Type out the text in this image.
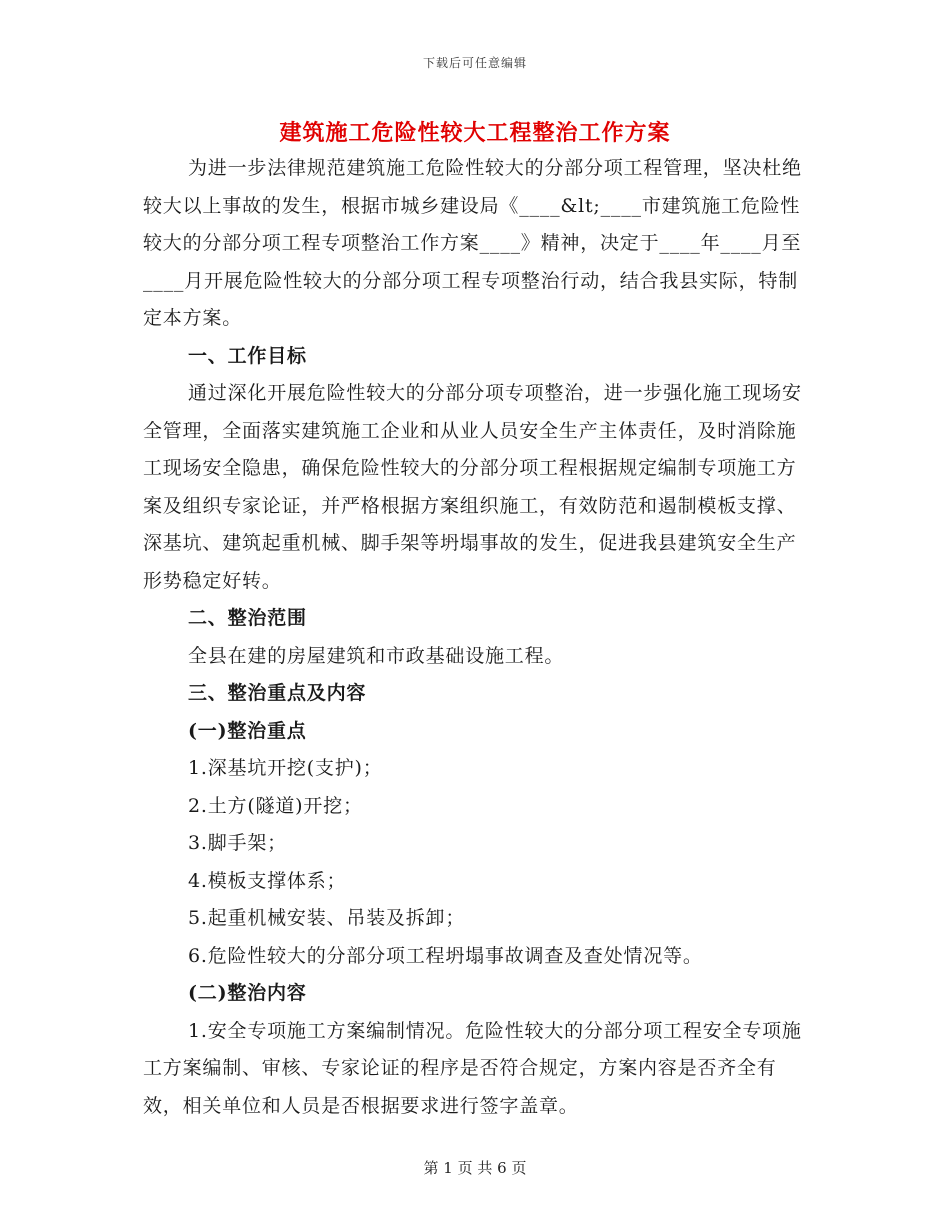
下载后可任意编辑
建筑施工危险性较大工程整治工作方案

为进一步法律规范建筑施工危险性较大的分部分项工程管理，坚决杜绝较大以上事故的发生，根据市城乡建设局《____&lt;____市建筑施工危险性较大的分部分项工程专项整治工作方案____》精神，决定于____年____月至____月开展危险性较大的分部分项工程专项整治行动，结合我县实际，特制定本方案。

一、工作目标

通过深化开展危险性较大的分部分项专项整治，进一步强化施工现场安全管理，全面落实建筑施工企业和从业人员安全生产主体责任，及时消除施工现场安全隐患，确保危险性较大的分部分项工程根据规定编制专项施工方案及组织专家论证，并严格根据方案组织施工，有效防范和遏制模板支撑、深基坑、建筑起重机械、脚手架等坍塌事故的发生，促进我县建筑安全生产形势稳定好转。

二、整治范围

全县在建的房屋建筑和市政基础设施工程。

三、整治重点及内容

(一)整治重点

1.深基坑开挖(支护)；

2.土方(隧道)开挖；

3.脚手架；

4.模板支撑体系；

5.起重机械安装、吊装及拆卸；

6.危险性较大的分部分项工程坍塌事故调查及查处情况等。

(二)整治内容

1.安全专项施工方案编制情况。危险性较大的分部分项工程安全专项施工方案编制、审核、专家论证的程序是否符合规定，方案内容是否齐全有效，相关单位和人员是否根据要求进行签字盖章。

第 1 页 共 6 页
